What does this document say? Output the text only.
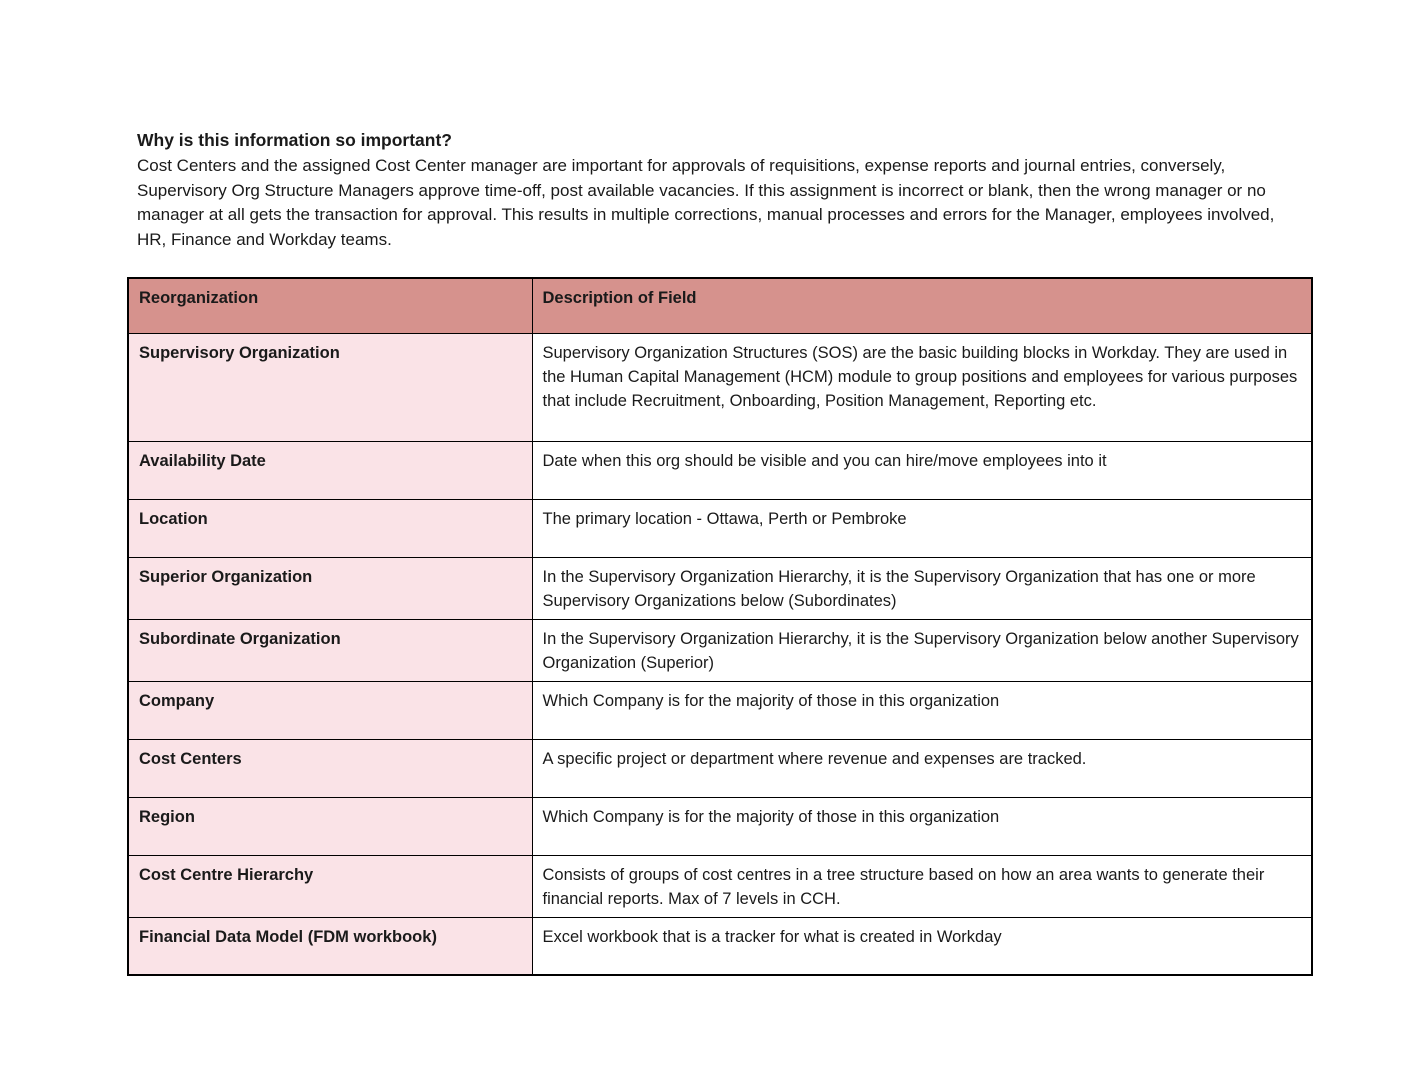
Why is this information so important?

Cost Centers and the assigned Cost Center manager are important for approvals of requisitions, expense reports and journal entries, conversely, Supervisory Org Structure Managers approve time-off, post available vacancies. If this assignment is incorrect or blank, then the wrong manager or no manager at all gets the transaction for approval. This results in multiple corrections, manual processes and errors for the Manager, employees involved, HR, Finance and Workday teams.

Reorganization	Description of Field
Supervisory Organization	Supervisory Organization Structures (SOS) are the basic building blocks in Workday. They are used in the Human Capital Management (HCM) module to group positions and employees for various purposes that include Recruitment, Onboarding, Position Management, Reporting etc.
Availability Date	Date when this org should be visible and you can hire/move employees into it
Location	The primary location - Ottawa, Perth or Pembroke
Superior Organization	In the Supervisory Organization Hierarchy, it is the Supervisory Organization that has one or more Supervisory Organizations below (Subordinates)
Subordinate Organization	In the Supervisory Organization Hierarchy, it is the Supervisory Organization below another Supervisory Organization (Superior)
Company	Which Company is for the majority of those in this organization
Cost Centers	A specific project or department where revenue and expenses are tracked.
Region	Which Company is for the majority of those in this organization
Cost Centre Hierarchy	Consists of groups of cost centres in a tree structure based on how an area wants to generate their financial reports. Max of 7 levels in CCH.
Financial Data Model (FDM workbook)	Excel workbook that is a tracker for what is created in Workday
